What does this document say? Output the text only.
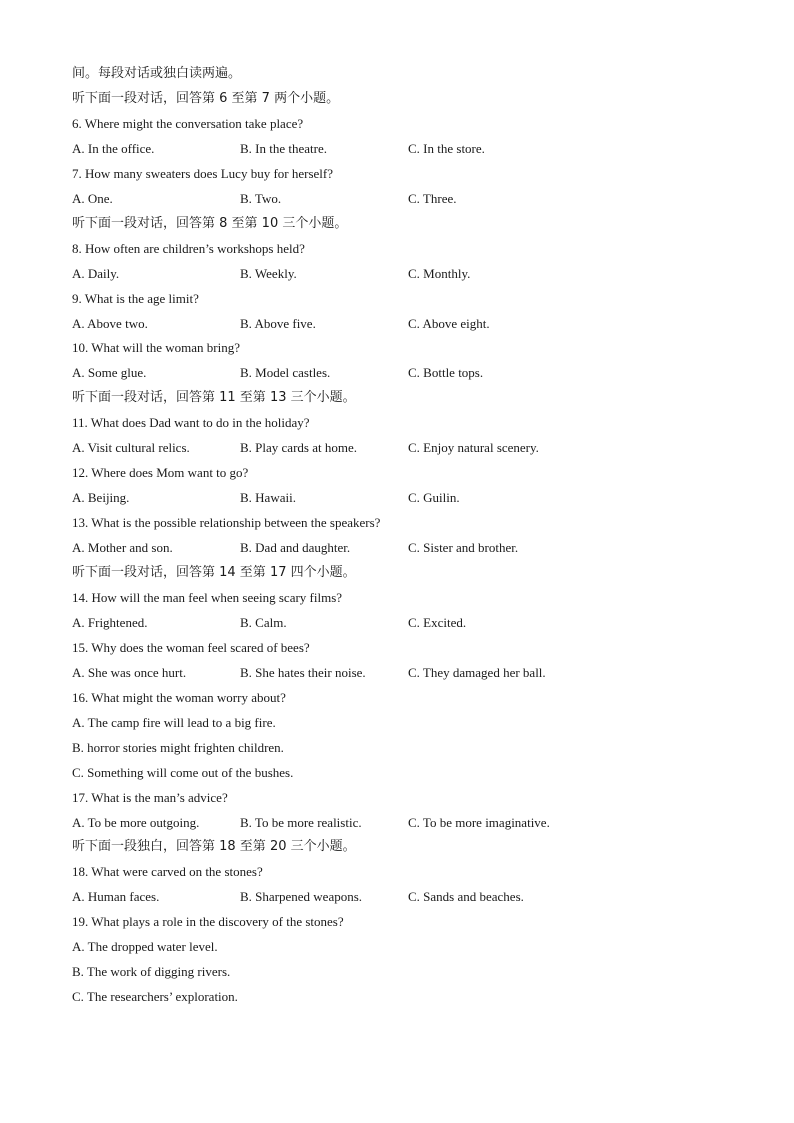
间。每段对话或独白读两遍。
听下面一段对话，回答第 6 至第 7 两个小题。
6. Where might the conversation take place?
A. In the office.	B. In the theatre.	C. In the store.
7. How many sweaters does Lucy buy for herself?
A. One.	B. Two.	C. Three.
听下面一段对话，回答第 8 至第 10 三个小题。
8. How often are children’s workshops held?
A. Daily.	B. Weekly.	C. Monthly.
9. What is the age limit?
A. Above two.	B. Above five.	C. Above eight.
10. What will the woman bring?
A. Some glue.	B. Model castles.	C. Bottle tops.
听下面一段对话，回答第 11 至第 13 三个小题。
11. What does Dad want to do in the holiday?
A. Visit cultural relics.	B. Play cards at home.	C. Enjoy natural scenery.
12. Where does Mom want to go?
A. Beijing.	B. Hawaii.	C. Guilin.
13. What is the possible relationship between the speakers?
A. Mother and son.	B. Dad and daughter.	C. Sister and brother.
听下面一段对话，回答第 14 至第 17 四个小题。
14. How will the man feel when seeing scary films?
A. Frightened.	B. Calm.	C. Excited.
15. Why does the woman feel scared of bees?
A. She was once hurt.	B. She hates their noise.	C. They damaged her ball.
16. What might the woman worry about?
A. The camp fire will lead to a big fire.
B. horror stories might frighten children.
C. Something will come out of the bushes.
17. What is the man’s advice?
A. To be more outgoing.	B. To be more realistic.	C. To be more imaginative.
听下面一段独白，回答第 18 至第 20 三个小题。
18. What were carved on the stones?
A. Human faces.	B. Sharpened weapons.	C. Sands and beaches.
19. What plays a role in the discovery of the stones?
A. The dropped water level.
B. The work of digging rivers.
C. The researchers’ exploration.
